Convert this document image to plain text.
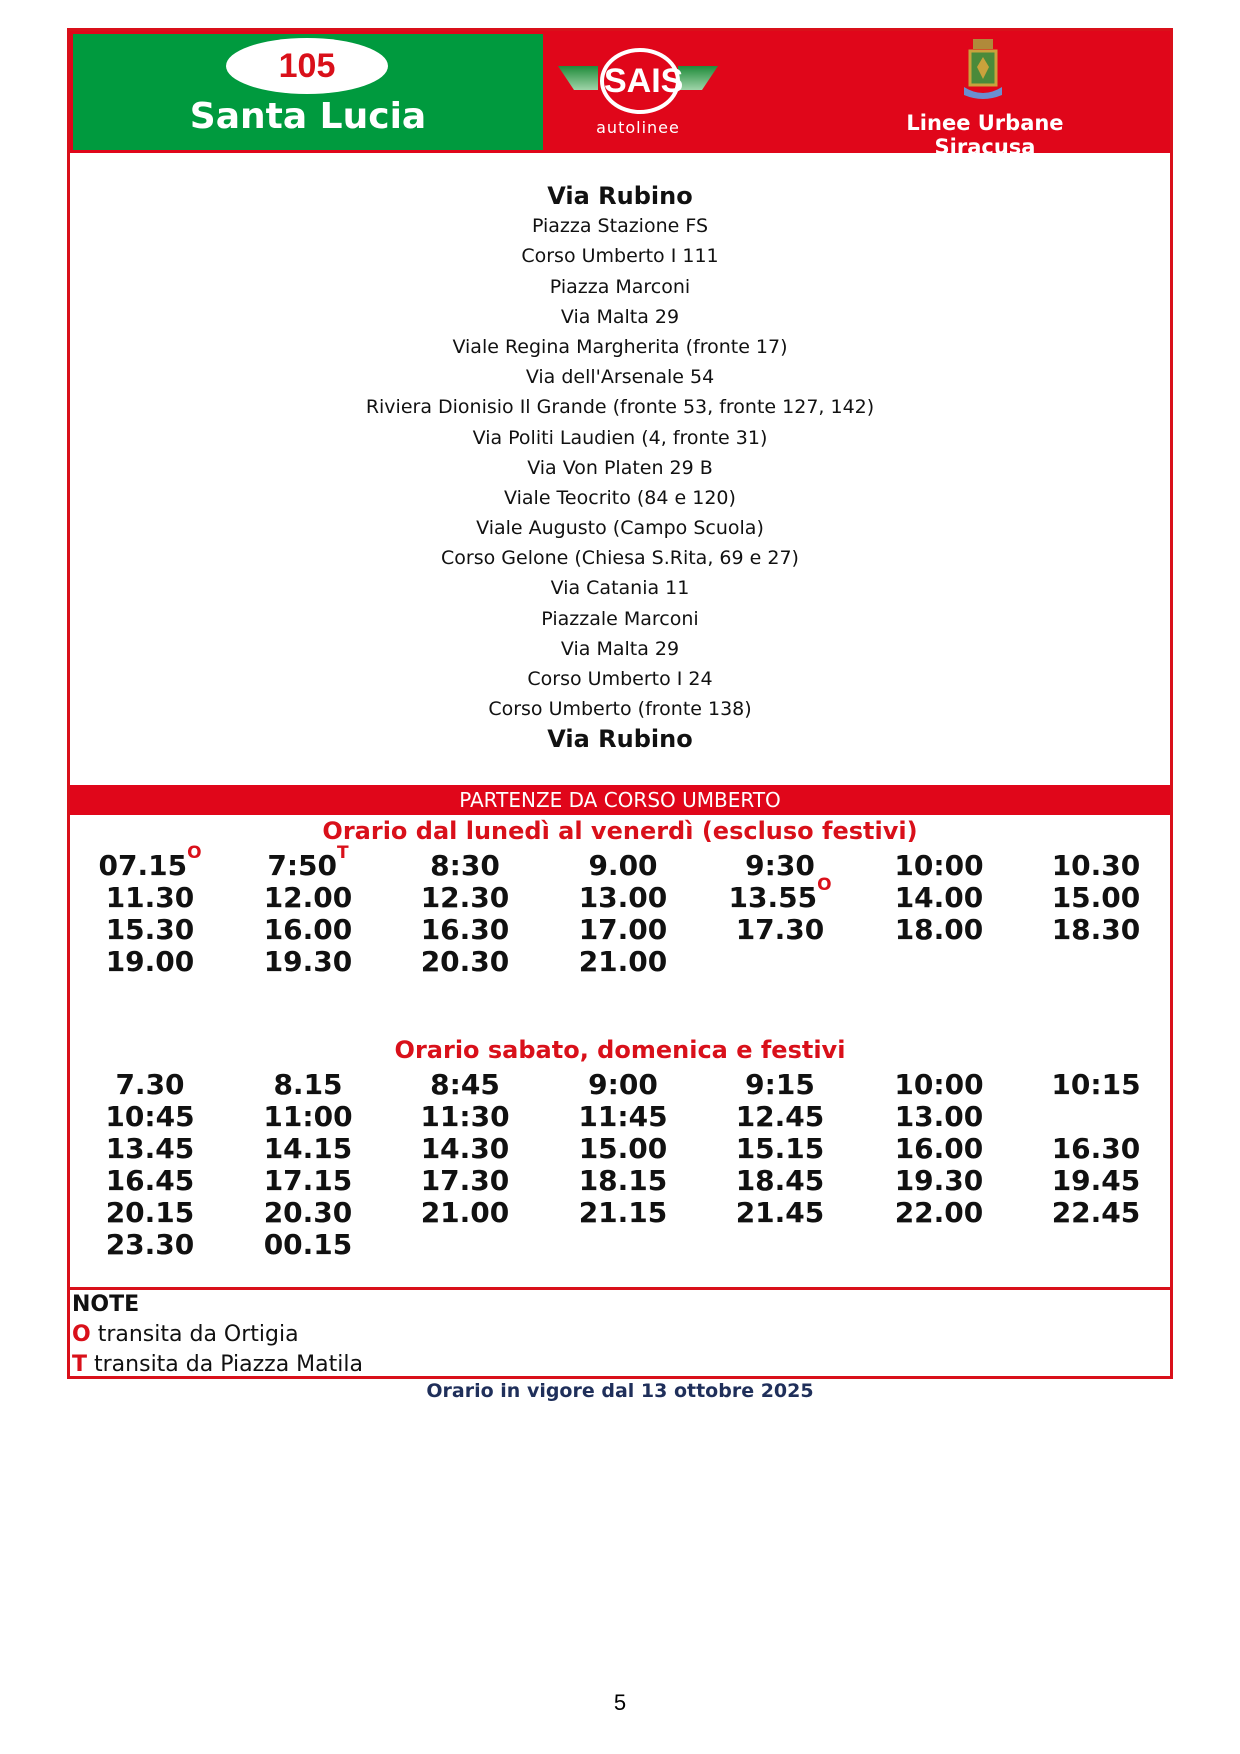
105
Santa Lucia
SAIS
autolinee	Linee Urbane Siracusa
Via Rubino
Piazza Stazione FS
Corso Umberto I 111
Piazza Marconi
Via Malta 29
Viale Regina Margherita (fronte 17)
Via dell'Arsenale 54
Riviera Dionisio Il Grande (fronte 53, fronte 127, 142)
Via Politi Laudien (4, fronte 31)
Via Von Platen 29 B
Viale Teocrito (84 e 120)
Viale Augusto (Campo Scuola)
Corso Gelone (Chiesa S.Rita, 69 e 27)
Via Catania 11
Piazzale Marconi
Via Malta 29
Corso Umberto I 24
Corso Umberto (fronte 138)
Via Rubino
PARTENZE DA CORSO UMBERTO
Orario dal lunedì al venerdì (escluso festivi)
$07.15^O$	$7:50^T$	8:30	9.00	9:30	10:00	10.30
11.30	12.00	12.30	13.00	$13.55^O$	14.00	15.00
15.30	16.00	16.30	17.00	17.30	18.00	18.30
19.00	19.30	20.30	21.00
Orario sabato, domenica e festivi
7.30	8.15	8:45	9:00	9:15	10:00	10:15
10:45	11:00	11:30	11:45	12.45	13.00
13.45	14.15	14.30	15.00	15.15	16.00	16.30
16.45	17.15	17.30	18.15	18.45	19.30	19.45
20.15	20.30	21.00	21.15	21.45	22.00	22.45
23.30	00.15
NOTE
O transita da Ortigia
T transita da Piazza Matila
Orario in vigore dal 13 ottobre 2025
5
